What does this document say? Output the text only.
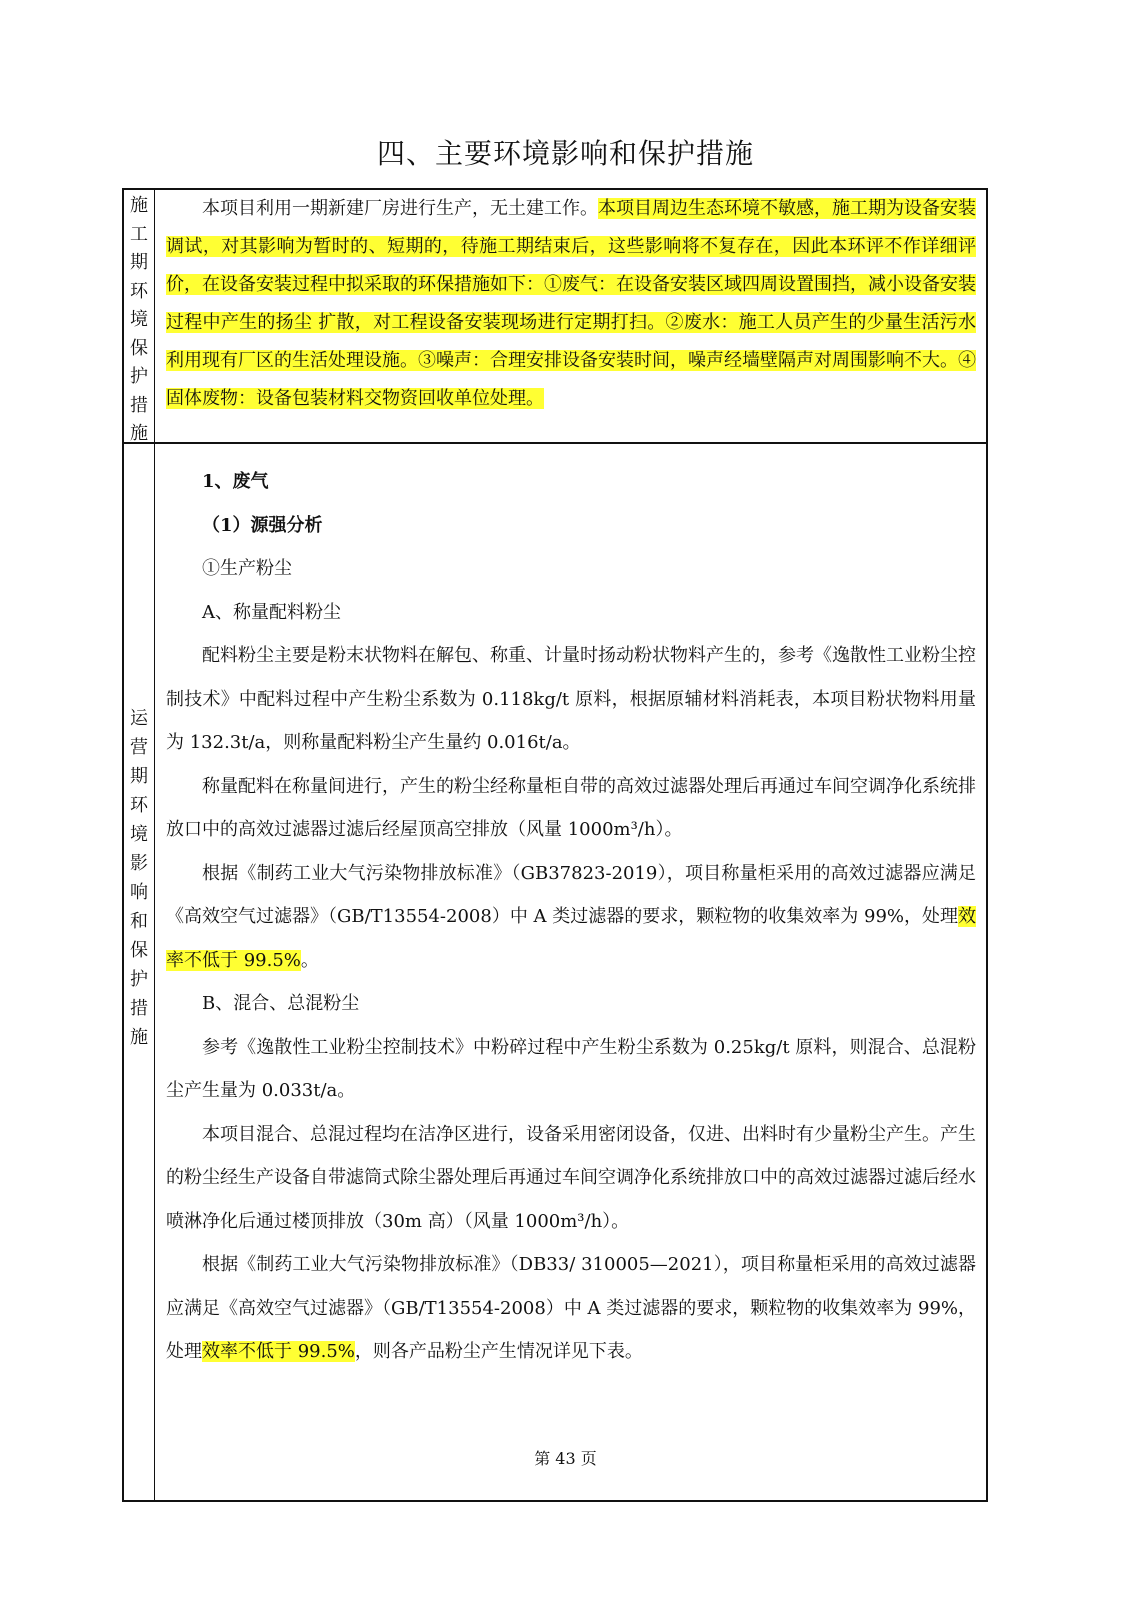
四、主要环境影响和保护措施
施
工
期
环
境
保
护
措
施

本项目利用一期新建厂房进行生产，无土建工作。本项目周边生态环境不敏感，施工期为设备安装调试，对其影响为暂时的、短期的，待施工期结束后，这些影响将不复存在，因此本环评不作详细评价，在设备安装过程中拟采取的环保措施如下：①废气：在设备安装区域四周设置围挡，减小设备安装过程中产生的扬尘 扩散，对工程设备安装现场进行定期打扫。②废水：施工人员产生的少量生活污水利用现有厂区的生活处理设施。③噪声：合理安排设备安装时间，噪声经墙壁隔声对周围影响不大。④固体废物：设备包装材料交物资回收单位处理。

运
营
期
环
境
影
响
和
保
护
措
施

1、废气

（1）源强分析

①生产粉尘

A、称量配料粉尘

配料粉尘主要是粉末状物料在解包、称重、计量时扬动粉状物料产生的，参考《逸散性工业粉尘控制技术》中配料过程中产生粉尘系数为 0.118kg/t 原料，根据原辅材料消耗表，本项目粉状物料用量为 132.3t/a，则称量配料粉尘产生量约 0.016t/a。

称量配料在称量间进行，产生的粉尘经称量柜自带的高效过滤器处理后再通过车间空调净化系统排放口中的高效过滤器过滤后经屋顶高空排放（风量 1000m³/h）。

根据《制药工业大气污染物排放标准》（GB37823-2019），项目称量柜采用的高效过滤器应满足《高效空气过滤器》（GB/T13554-2008）中 A 类过滤器的要求，颗粒物的收集效率为 99%，处理效率不低于 99.5%。

B、混合、总混粉尘

参考《逸散性工业粉尘控制技术》中粉碎过程中产生粉尘系数为 0.25kg/t 原料，则混合、总混粉尘产生量为 0.033t/a。

本项目混合、总混过程均在洁净区进行，设备采用密闭设备，仅进、出料时有少量粉尘产生。产生的粉尘经生产设备自带滤筒式除尘器处理后再通过车间空调净化系统排放口中的高效过滤器过滤后经水喷淋净化后通过楼顶排放（30m 高）（风量 1000m³/h）。

根据《制药工业大气污染物排放标准》（DB33/ 310005—2021），项目称量柜采用的高效过滤器应满足《高效空气过滤器》（GB/T13554-2008）中 A 类过滤器的要求，颗粒物的收集效率为 99%，处理效率不低于 99.5%，则各产品粉尘产生情况详见下表。

第 43 页
